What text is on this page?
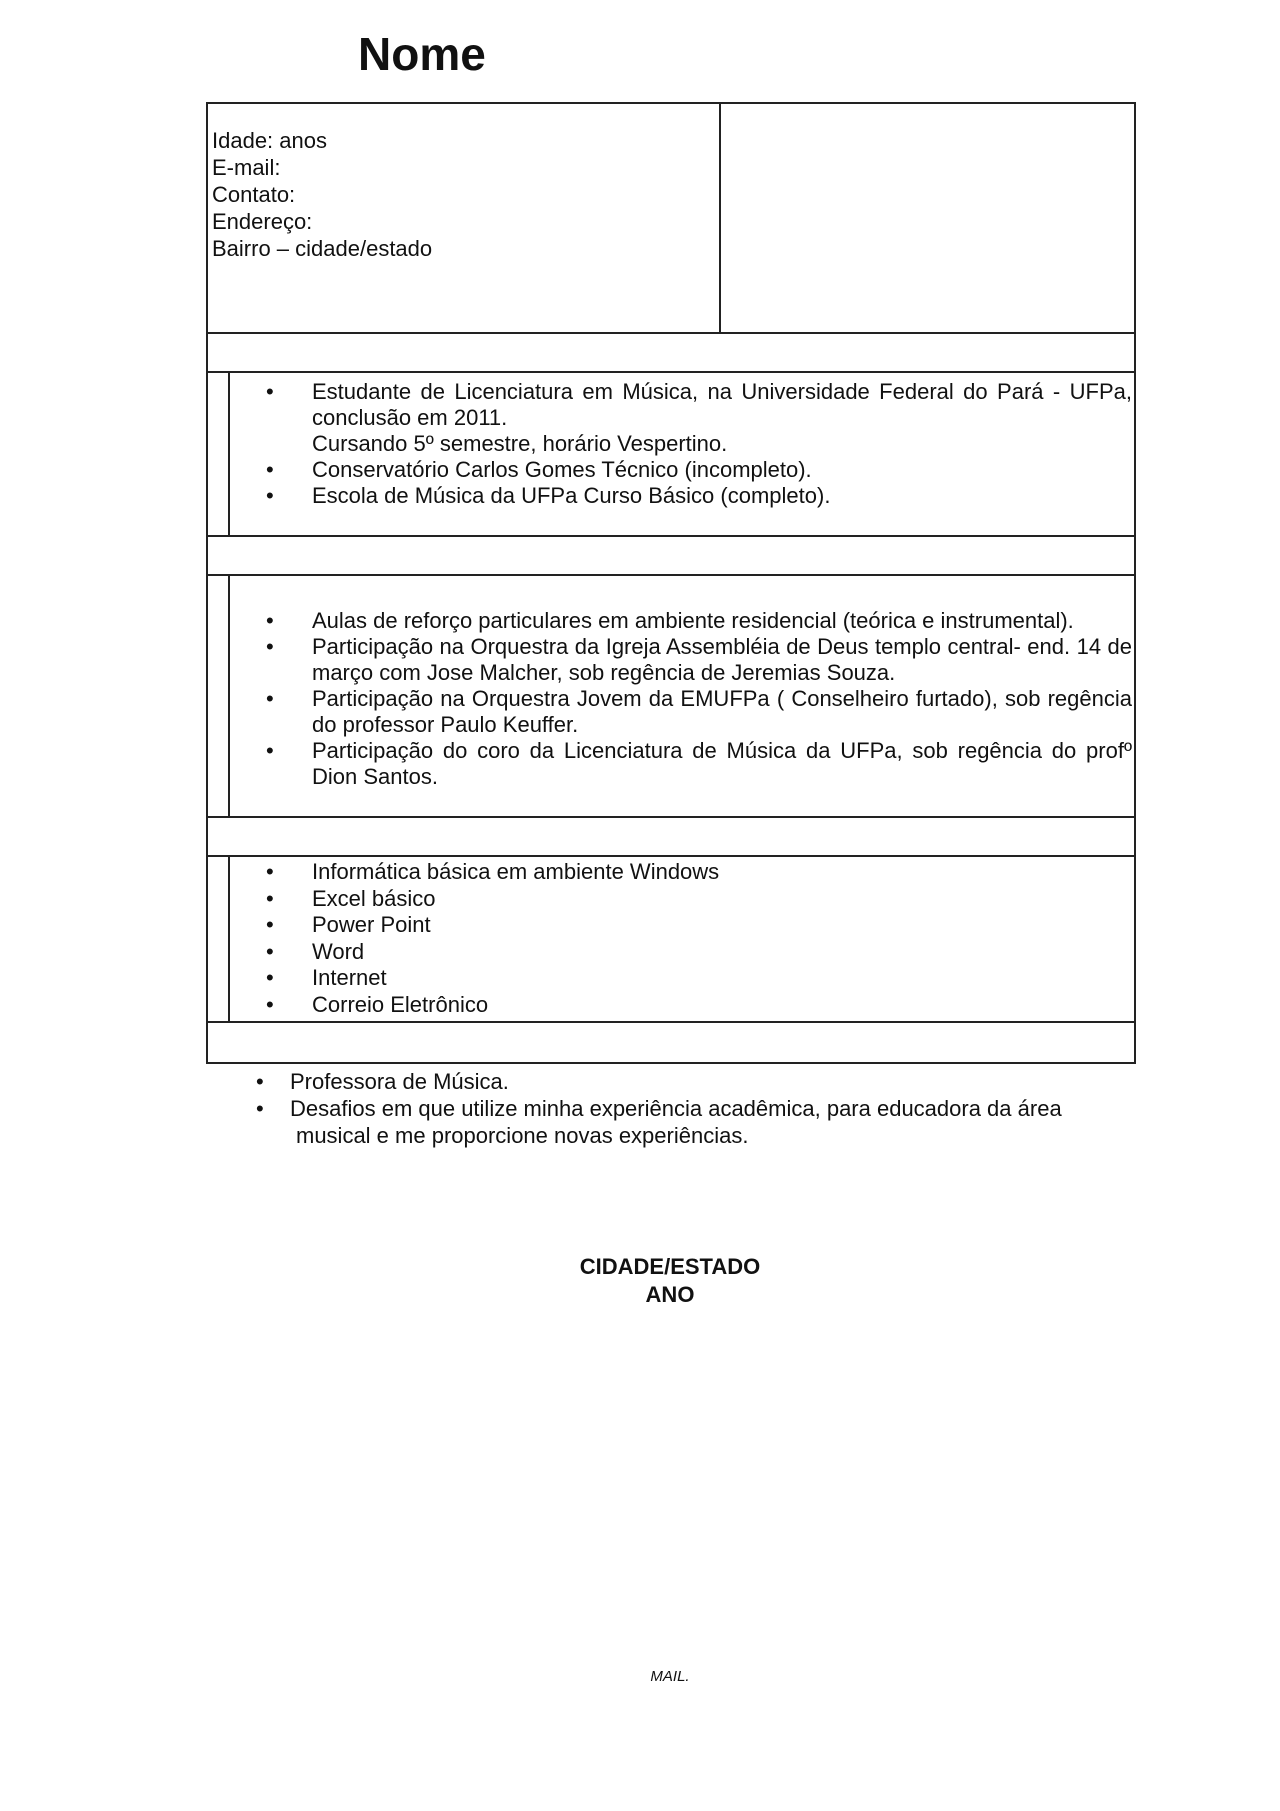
Nome
Idade: anos
E-mail:
Contato:
Endereço:
Bairro – cidade/estado
• Estudante de Licenciatura em Música, na Universidade Federal do Pará - UFPa, conclusão em 2011.
Cursando 5º semestre, horário Vespertino.
• Conservatório Carlos Gomes Técnico (incompleto).
• Escola de Música da UFPa Curso Básico (completo).
• Aulas de reforço particulares em ambiente residencial (teórica e instrumental).
• Participação na Orquestra da Igreja Assembléia de Deus templo central- end. 14 de março com Jose Malcher, sob regência de Jeremias Souza.
• Participação na Orquestra Jovem da EMUFPa ( Conselheiro furtado), sob regência do professor Paulo Keuffer.
• Participação do coro da Licenciatura de Música da UFPa, sob regência do profº Dion Santos.
• Informática básica em ambiente Windows
• Excel básico
• Power Point
• Word
• Internet
• Correio Eletrônico
• Professora de Música.
• Desafios em que utilize minha experiência acadêmica, para educadora da área
musical e me proporcione novas experiências.
CIDADE/ESTADO
ANO
MAIL.
